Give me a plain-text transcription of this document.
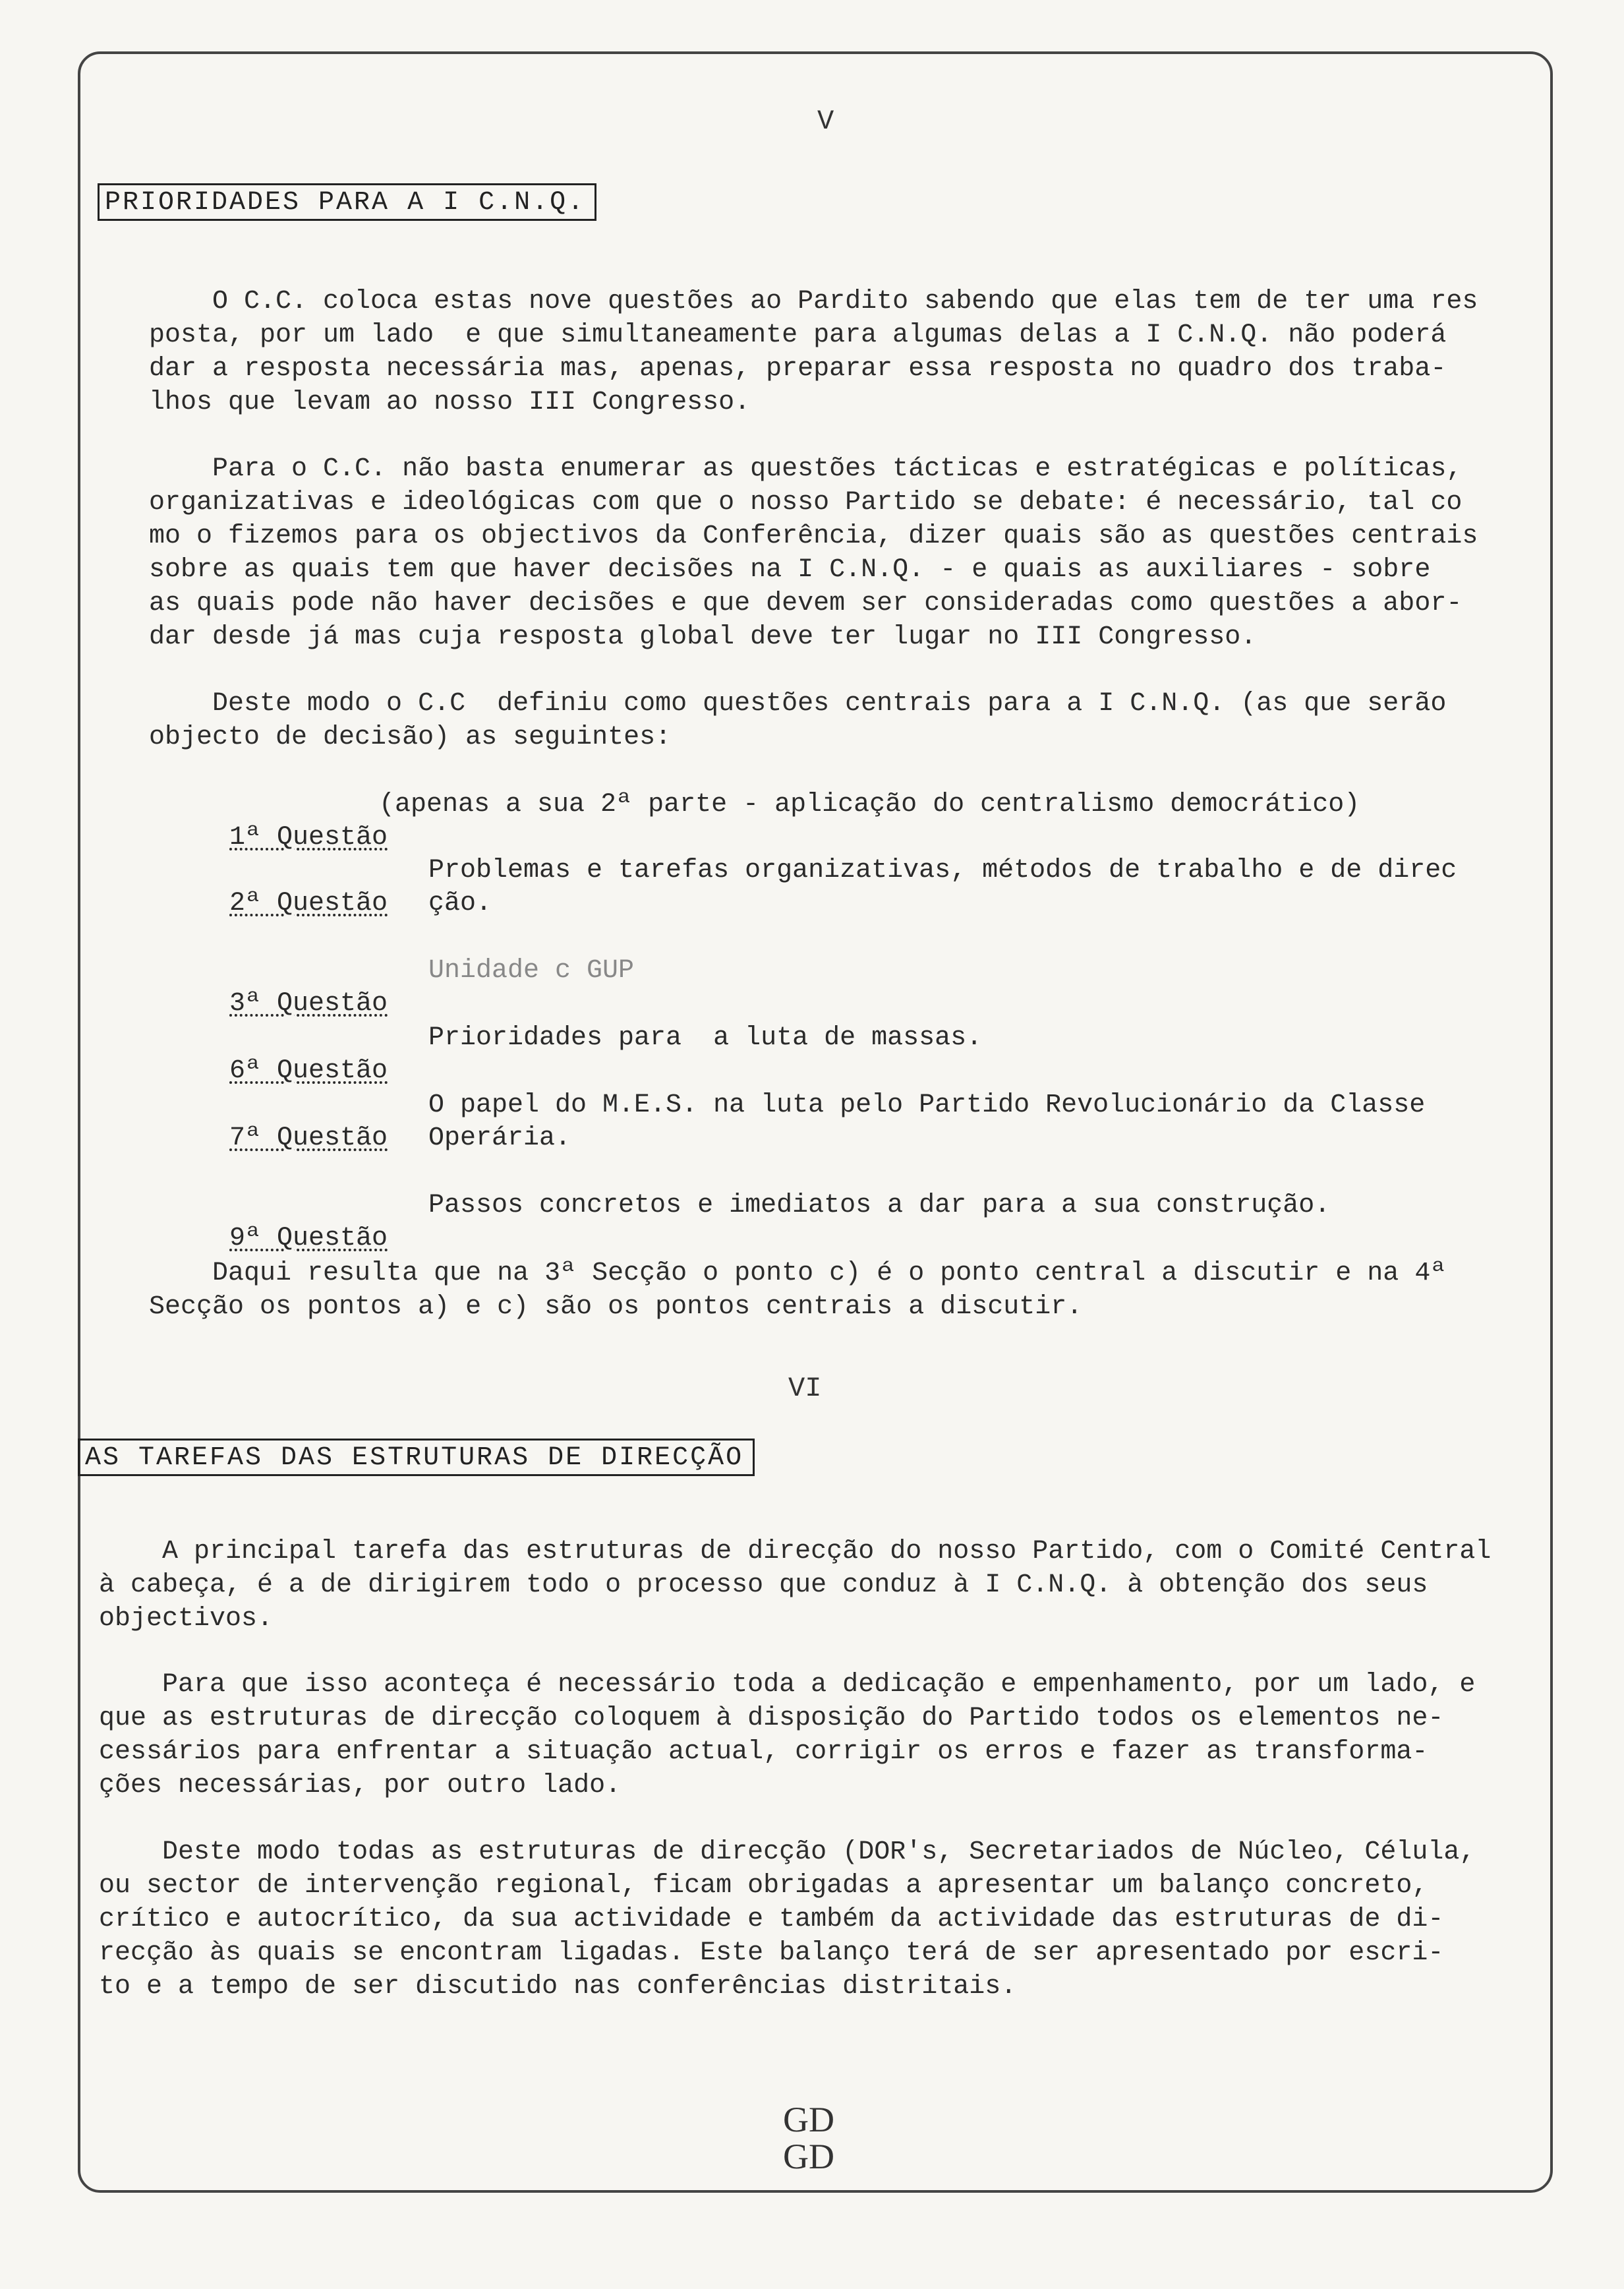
GD
GD
V
PRIORIDADES PARA A I C.N.Q.
O C.C. coloca estas nove questões ao Pardito sabendo que elas tem de ter uma res
posta, por um lado  e que simultaneamente para algumas delas a I C.N.Q. não poderá
dar a resposta necessária mas, apenas, preparar essa resposta no quadro dos traba-
lhos que levam ao nosso III Congresso.
Para o C.C. não basta enumerar as questões tácticas e estratégicas e políticas,
organizativas e ideológicas com que o nosso Partido se debate: é necessário, tal co
mo o fizemos para os objectivos da Conferência, dizer quais são as questões centrais
sobre as quais tem que haver decisões na I C.N.Q. - e quais as auxiliares - sobre
as quais pode não haver decisões e que devem ser consideradas como questões a abor-
dar desde já mas cuja resposta global deve ter lugar no III Congresso.
Deste modo o C.C  definiu como questões centrais para a I C.N.Q. (as que serão
objecto de decisão) as seguintes:

1ª Questão

(apenas a sua 2ª parte - aplicação do centralismo democrático)

2ª Questão

Problemas e tarefas organizativas, métodos de trabalho e de direc
ção.

3ª Questão

Unidade c GUP

6ª Questão

Prioridades para  a luta de massas.

7ª Questão

O papel do M.E.S. na luta pelo Partido Revolucionário da Classe
Operária.

9ª Questão

Passos concretos e imediatos a dar para a sua construção.

Daqui resulta que na 3ª Secção o ponto c) é o ponto central a discutir e na 4ª
Secção os pontos a) e c) são os pontos centrais a discutir.
VI
AS TAREFAS DAS ESTRUTURAS DE DIRECÇÃO
A principal tarefa das estruturas de direcção do nosso Partido, com o Comité Central
à cabeça, é a de dirigirem todo o processo que conduz à I C.N.Q. à obtenção dos seus
objectivos.
Para que isso aconteça é necessário toda a dedicação e empenhamento, por um lado, e
que as estruturas de direcção coloquem à disposição do Partido todos os elementos ne-
cessários para enfrentar a situação actual, corrigir os erros e fazer as transforma-
ções necessárias, por outro lado.
Deste modo todas as estruturas de direcção (DOR's, Secretariados de Núcleo, Célula,
ou sector de intervenção regional, ficam obrigadas a apresentar um balanço concreto,
crítico e autocrítico, da sua actividade e também da actividade das estruturas de di-
recção às quais se encontram ligadas. Este balanço terá de ser apresentado por escri-
to e a tempo de ser discutido nas conferências distritais.
